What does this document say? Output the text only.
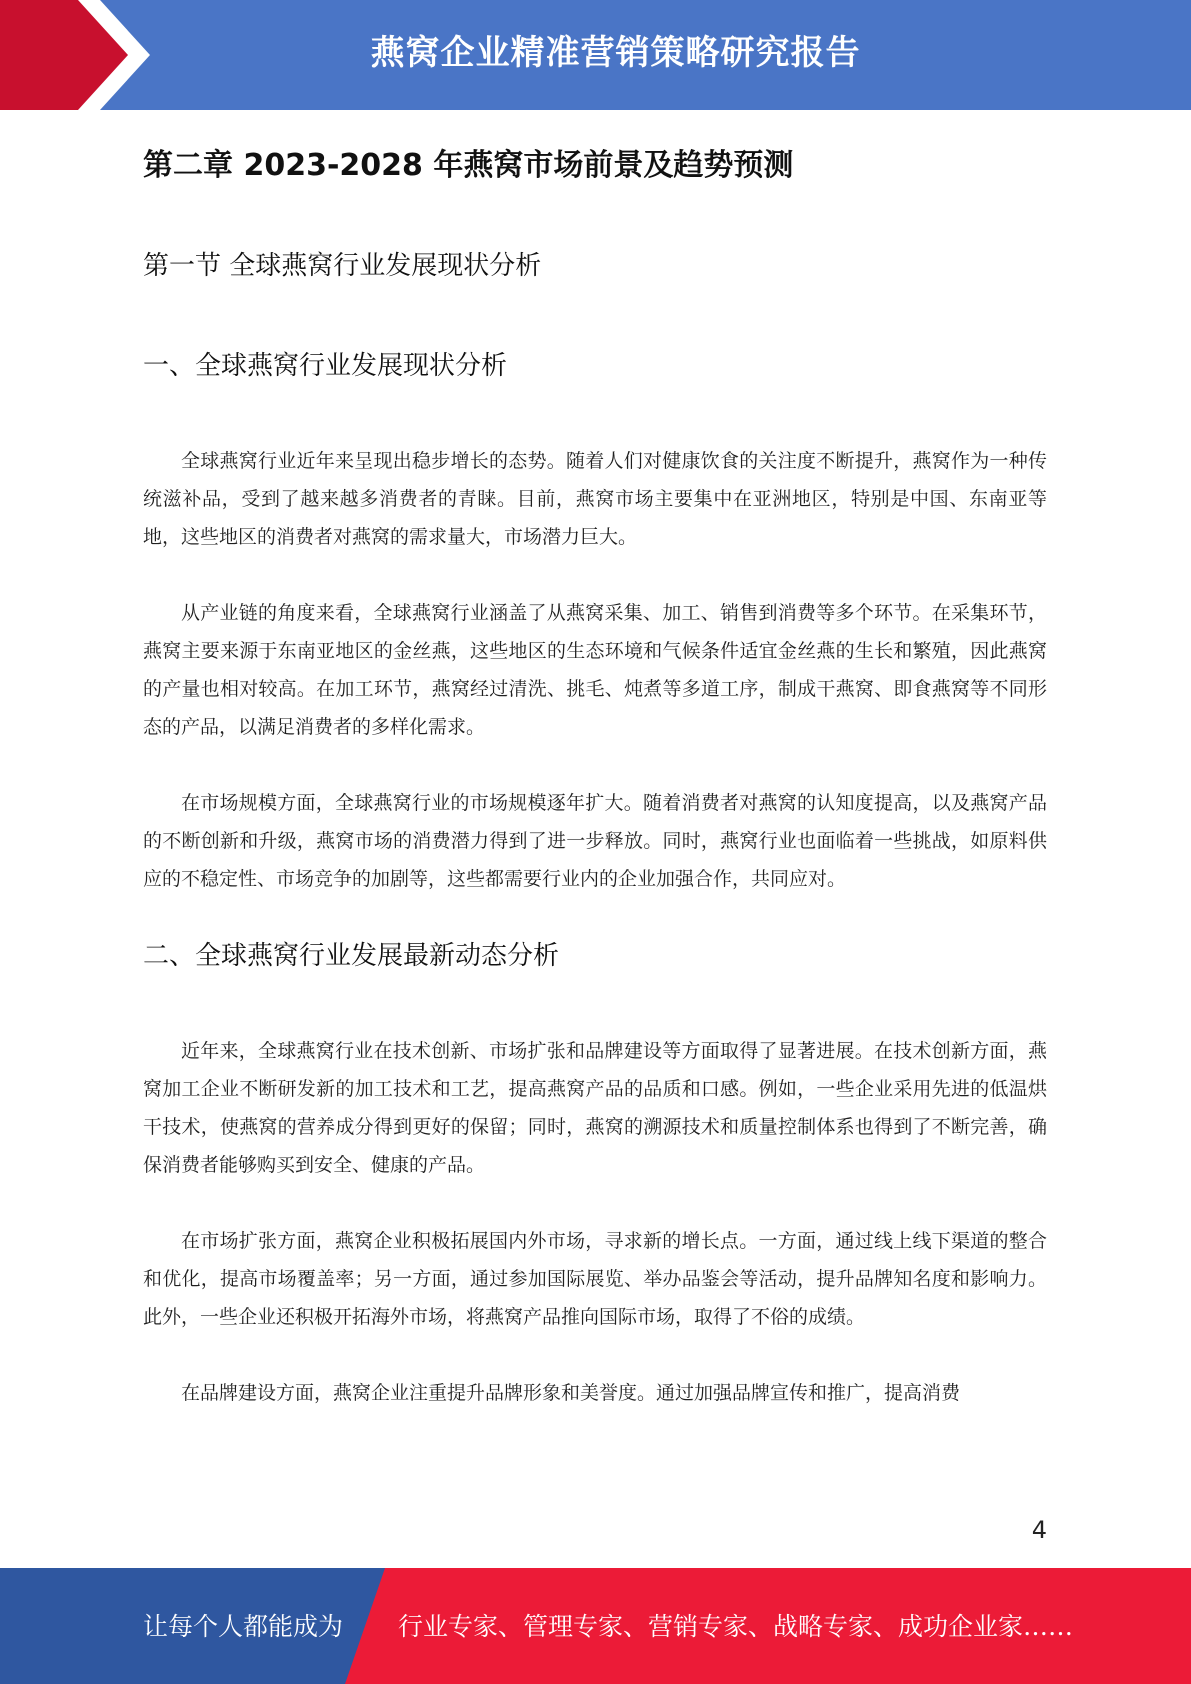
燕窝企业精准营销策略研究报告
第二章 2023-2028 年燕窝市场前景及趋势预测
第一节 全球燕窝行业发展现状分析
一、全球燕窝行业发展现状分析

全球燕窝行业近年来呈现出稳步增长的态势。随着人们对健康饮食的关注度不断提升，燕窝作为一种传统滋补品，受到了越来越多消费者的青睐。目前，燕窝市场主要集中在亚洲地区，特别是中国、东南亚等地，这些地区的消费者对燕窝的需求量大，市场潜力巨大。

从产业链的角度来看，全球燕窝行业涵盖了从燕窝采集、加工、销售到消费等多个环节。在采集环节，燕窝主要来源于东南亚地区的金丝燕，这些地区的生态环境和气候条件适宜金丝燕的生长和繁殖，因此燕窝的产量也相对较高。在加工环节，燕窝经过清洗、挑毛、炖煮等多道工序，制成干燕窝、即食燕窝等不同形态的产品，以满足消费者的多样化需求。

在市场规模方面，全球燕窝行业的市场规模逐年扩大。随着消费者对燕窝的认知度提高，以及燕窝产品的不断创新和升级，燕窝市场的消费潜力得到了进一步释放。同时，燕窝行业也面临着一些挑战，如原料供应的不稳定性、市场竞争的加剧等，这些都需要行业内的企业加强合作，共同应对。

二、全球燕窝行业发展最新动态分析

近年来，全球燕窝行业在技术创新、市场扩张和品牌建设等方面取得了显著进展。在技术创新方面，燕窝加工企业不断研发新的加工技术和工艺，提高燕窝产品的品质和口感。例如，一些企业采用先进的低温烘干技术，使燕窝的营养成分得到更好的保留；同时，燕窝的溯源技术和质量控制体系也得到了不断完善，确保消费者能够购买到安全、健康的产品。

在市场扩张方面，燕窝企业积极拓展国内外市场，寻求新的增长点。一方面，通过线上线下渠道的整合和优化，提高市场覆盖率；另一方面，通过参加国际展览、举办品鉴会等活动，提升品牌知名度和影响力。此外，一些企业还积极开拓海外市场，将燕窝产品推向国际市场，取得了不俗的成绩。

在品牌建设方面，燕窝企业注重提升品牌形象和美誉度。通过加强品牌宣传和推广，提高消费

4
让每个人都能成为 行业专家、管理专家、营销专家、战略专家、成功企业家……
